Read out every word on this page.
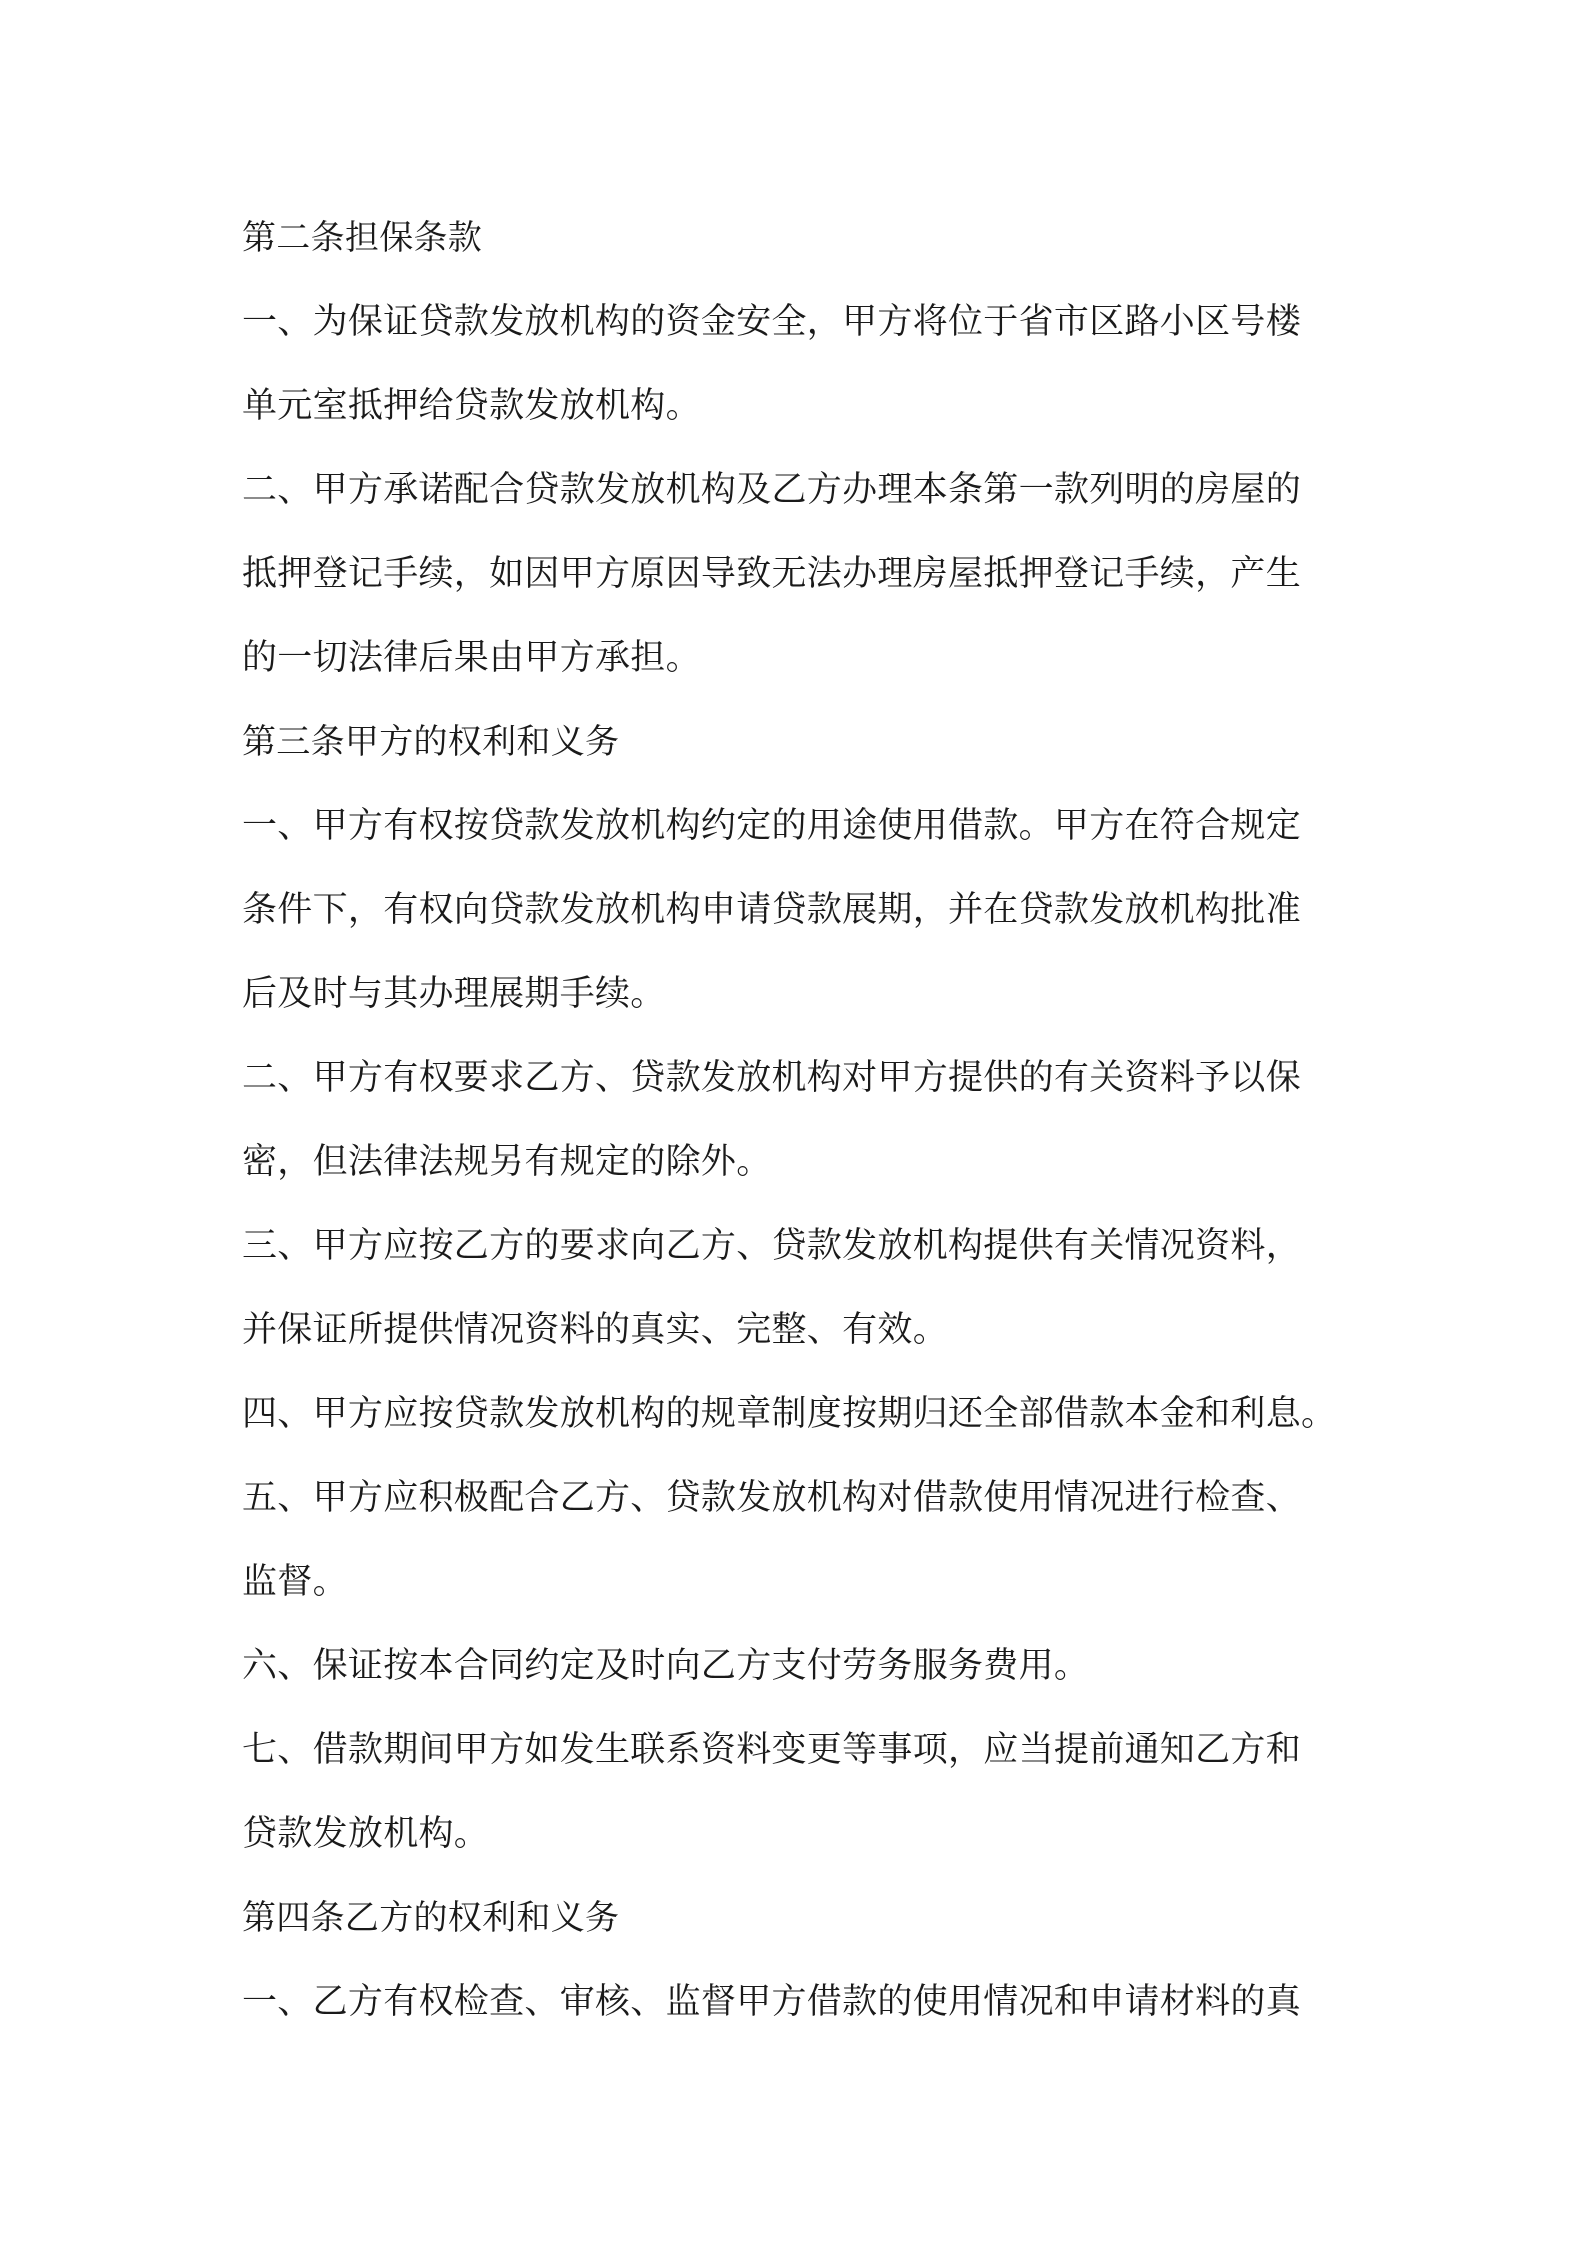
第二条担保条款
一、为保证贷款发放机构的资金安全，甲方将位于省市区路小区号楼
单元室抵押给贷款发放机构。
二、甲方承诺配合贷款发放机构及乙方办理本条第一款列明的房屋的
抵押登记手续，如因甲方原因导致无法办理房屋抵押登记手续，产生
的一切法律后果由甲方承担。
第三条甲方的权利和义务
一、甲方有权按贷款发放机构约定的用途使用借款。甲方在符合规定
条件下，有权向贷款发放机构申请贷款展期，并在贷款发放机构批准
后及时与其办理展期手续。
二、甲方有权要求乙方、贷款发放机构对甲方提供的有关资料予以保
密，但法律法规另有规定的除外。
三、甲方应按乙方的要求向乙方、贷款发放机构提供有关情况资料，
并保证所提供情况资料的真实、完整、有效。
四、甲方应按贷款发放机构的规章制度按期归还全部借款本金和利息。
五、甲方应积极配合乙方、贷款发放机构对借款使用情况进行检查、
监督。
六、保证按本合同约定及时向乙方支付劳务服务费用。
七、借款期间甲方如发生联系资料变更等事项，应当提前通知乙方和
贷款发放机构。
第四条乙方的权利和义务
一、乙方有权检查、审核、监督甲方借款的使用情况和申请材料的真
